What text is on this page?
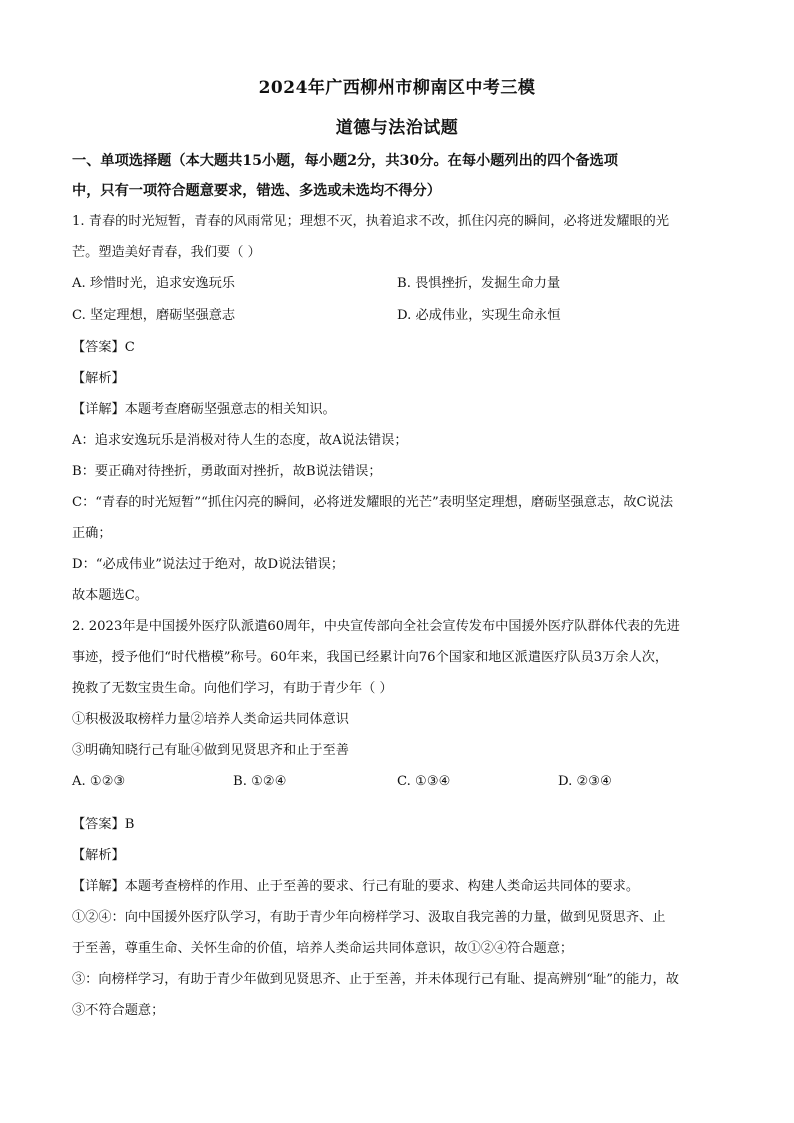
2024年广西柳州市柳南区中考三模
道德与法治试题
一、单项选择题（本大题共15小题，每小题2分，共30分。在每小题列出的四个备选项
中，只有一项符合题意要求，错选、多选或未选均不得分）
1. 青春的时光短暂，青春的风雨常见；理想不灭，执着追求不改，抓住闪亮的瞬间，必将迸发耀眼的光
芒。塑造美好青春，我们要（ ）
A. 珍惜时光，追求安逸玩乐	B. 畏惧挫折，发掘生命力量
C. 坚定理想，磨砺坚强意志	D. 必成伟业，实现生命永恒
【答案】C
【解析】
【详解】本题考查磨砺坚强意志的相关知识。
A：追求安逸玩乐是消极对待人生的态度，故A说法错误；
B：要正确对待挫折，勇敢面对挫折，故B说法错误；
C：“青春的时光短暂”“抓住闪亮的瞬间，必将迸发耀眼的光芒”表明坚定理想，磨砺坚强意志，故C说法
正确；
D：“必成伟业”说法过于绝对，故D说法错误；
故本题选C。
2. 2023年是中国援外医疗队派遣60周年，中央宣传部向全社会宣传发布中国援外医疗队群体代表的先进
事迹，授予他们“时代楷模”称号。60年来，我国已经累计向76个国家和地区派遣医疗队员3万余人次，
挽救了无数宝贵生命。向他们学习，有助于青少年（ ）
①积极汲取榜样力量②培养人类命运共同体意识
③明确知晓行己有耻④做到见贤思齐和止于至善
A. ①②③	B. ①②④	C. ①③④	D. ②③④
【答案】B
【解析】
【详解】本题考查榜样的作用、止于至善的要求、行己有耻的要求、构建人类命运共同体的要求。
①②④：向中国援外医疗队学习，有助于青少年向榜样学习、汲取自我完善的力量，做到见贤思齐、止
于至善，尊重生命、关怀生命的价值，培养人类命运共同体意识，故①②④符合题意；
③：向榜样学习，有助于青少年做到见贤思齐、止于至善，并未体现行己有耻、提高辨别“耻”的能力，故
③不符合题意；
